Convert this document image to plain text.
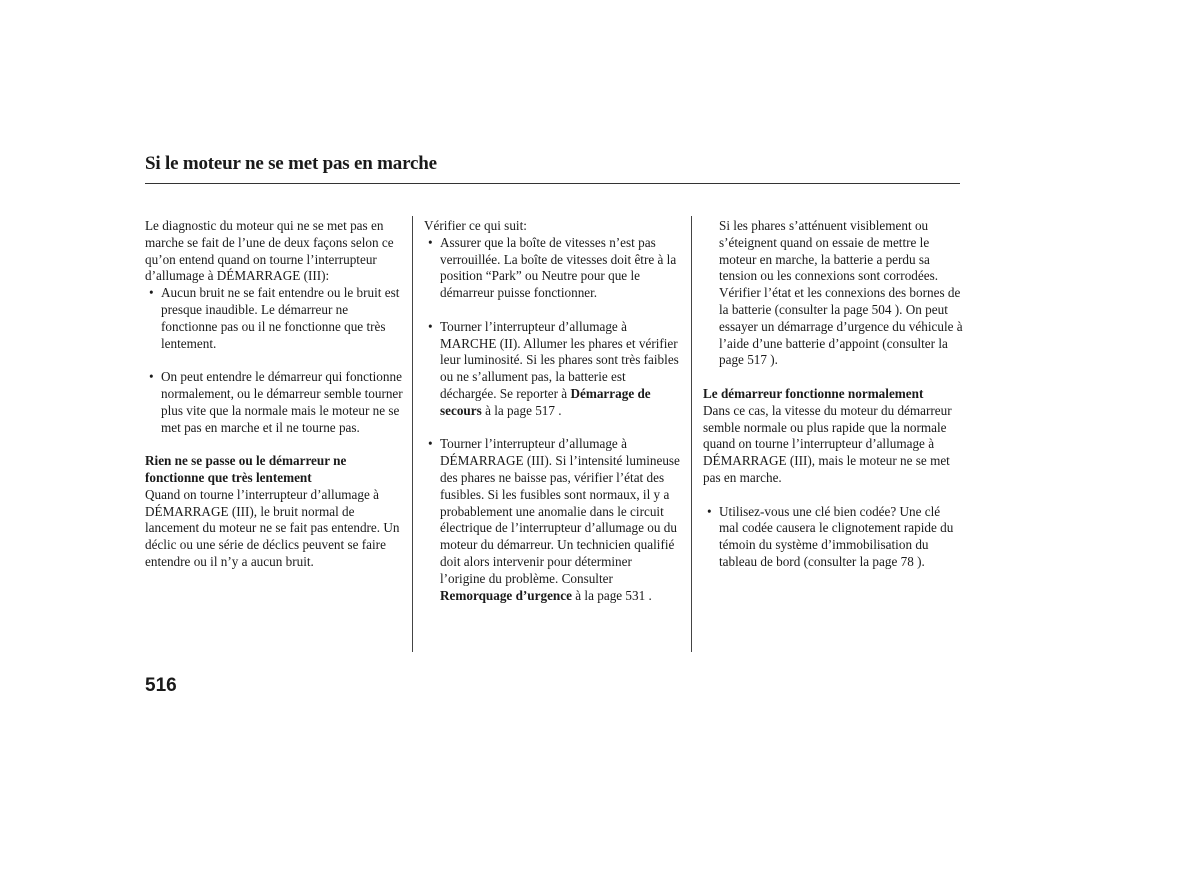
Si le moteur ne se met pas en marche

Le diagnostic du moteur qui ne se met pas en marche se fait de l’une de deux façons selon ce qu’on entend quand on tourne l’interrupteur d’allumage à DÉMARRAGE (III):

• Aucun bruit ne se fait entendre ou le bruit est presque inaudible. Le démarreur ne fonctionne pas ou il ne fonctionne que très lentement.
• On peut entendre le démarreur qui fonctionne normalement, ou le démarreur semble tourner plus vite que la normale mais le moteur ne se met pas en marche et il ne tourne pas.

Rien ne se passe ou le démarreur ne fonctionne que très lentement

Quand on tourne l’interrupteur d’allumage à DÉMARRAGE (III), le bruit normal de lancement du moteur ne se fait pas entendre. Un déclic ou une série de déclics peuvent se faire entendre ou il n’y a aucun bruit.

Vérifier ce qui suit:

• Assurer que la boîte de vitesses n’est pas verrouillée. La boîte de vitesses doit être à la position “Park” ou Neutre pour que le démarreur puisse fonctionner.
• Tourner l’interrupteur d’allumage à MARCHE (II). Allumer les phares et vérifier leur luminosité. Si les phares sont très faibles ou ne s’allument pas, la batterie est déchargée. Se reporter à Démarrage de secours à la page 517 .
• Tourner l’interrupteur d’allumage à DÉMARRAGE (III). Si l’intensité lumineuse des phares ne baisse pas, vérifier l’état des fusibles. Si les fusibles sont normaux, il y a probablement une anomalie dans le circuit électrique de l’interrupteur d’allumage ou du moteur du démarreur. Un technicien qualifié doit alors intervenir pour déterminer l’origine du problème. Consulter Remorquage d’urgence à la page 531 .

Si les phares s’atténuent visiblement ou s’éteignent quand on essaie de mettre le moteur en marche, la batterie a perdu sa tension ou les connexions sont corrodées. Vérifier l’état et les connexions des bornes de la batterie (consulter la page 504 ). On peut essayer un démarrage d’urgence du véhicule à l’aide d’une batterie d’appoint (consulter la page 517 ).

Le démarreur fonctionne normalement

Dans ce cas, la vitesse du moteur du démarreur semble normale ou plus rapide que la normale quand on tourne l’interrupteur d’allumage à DÉMARRAGE (III), mais le moteur ne se met pas en marche.

• Utilisez-vous une clé bien codée? Une clé mal codée causera le clignotement rapide du témoin du système d’immobilisation du tableau de bord (consulter la page 78 ).

516
